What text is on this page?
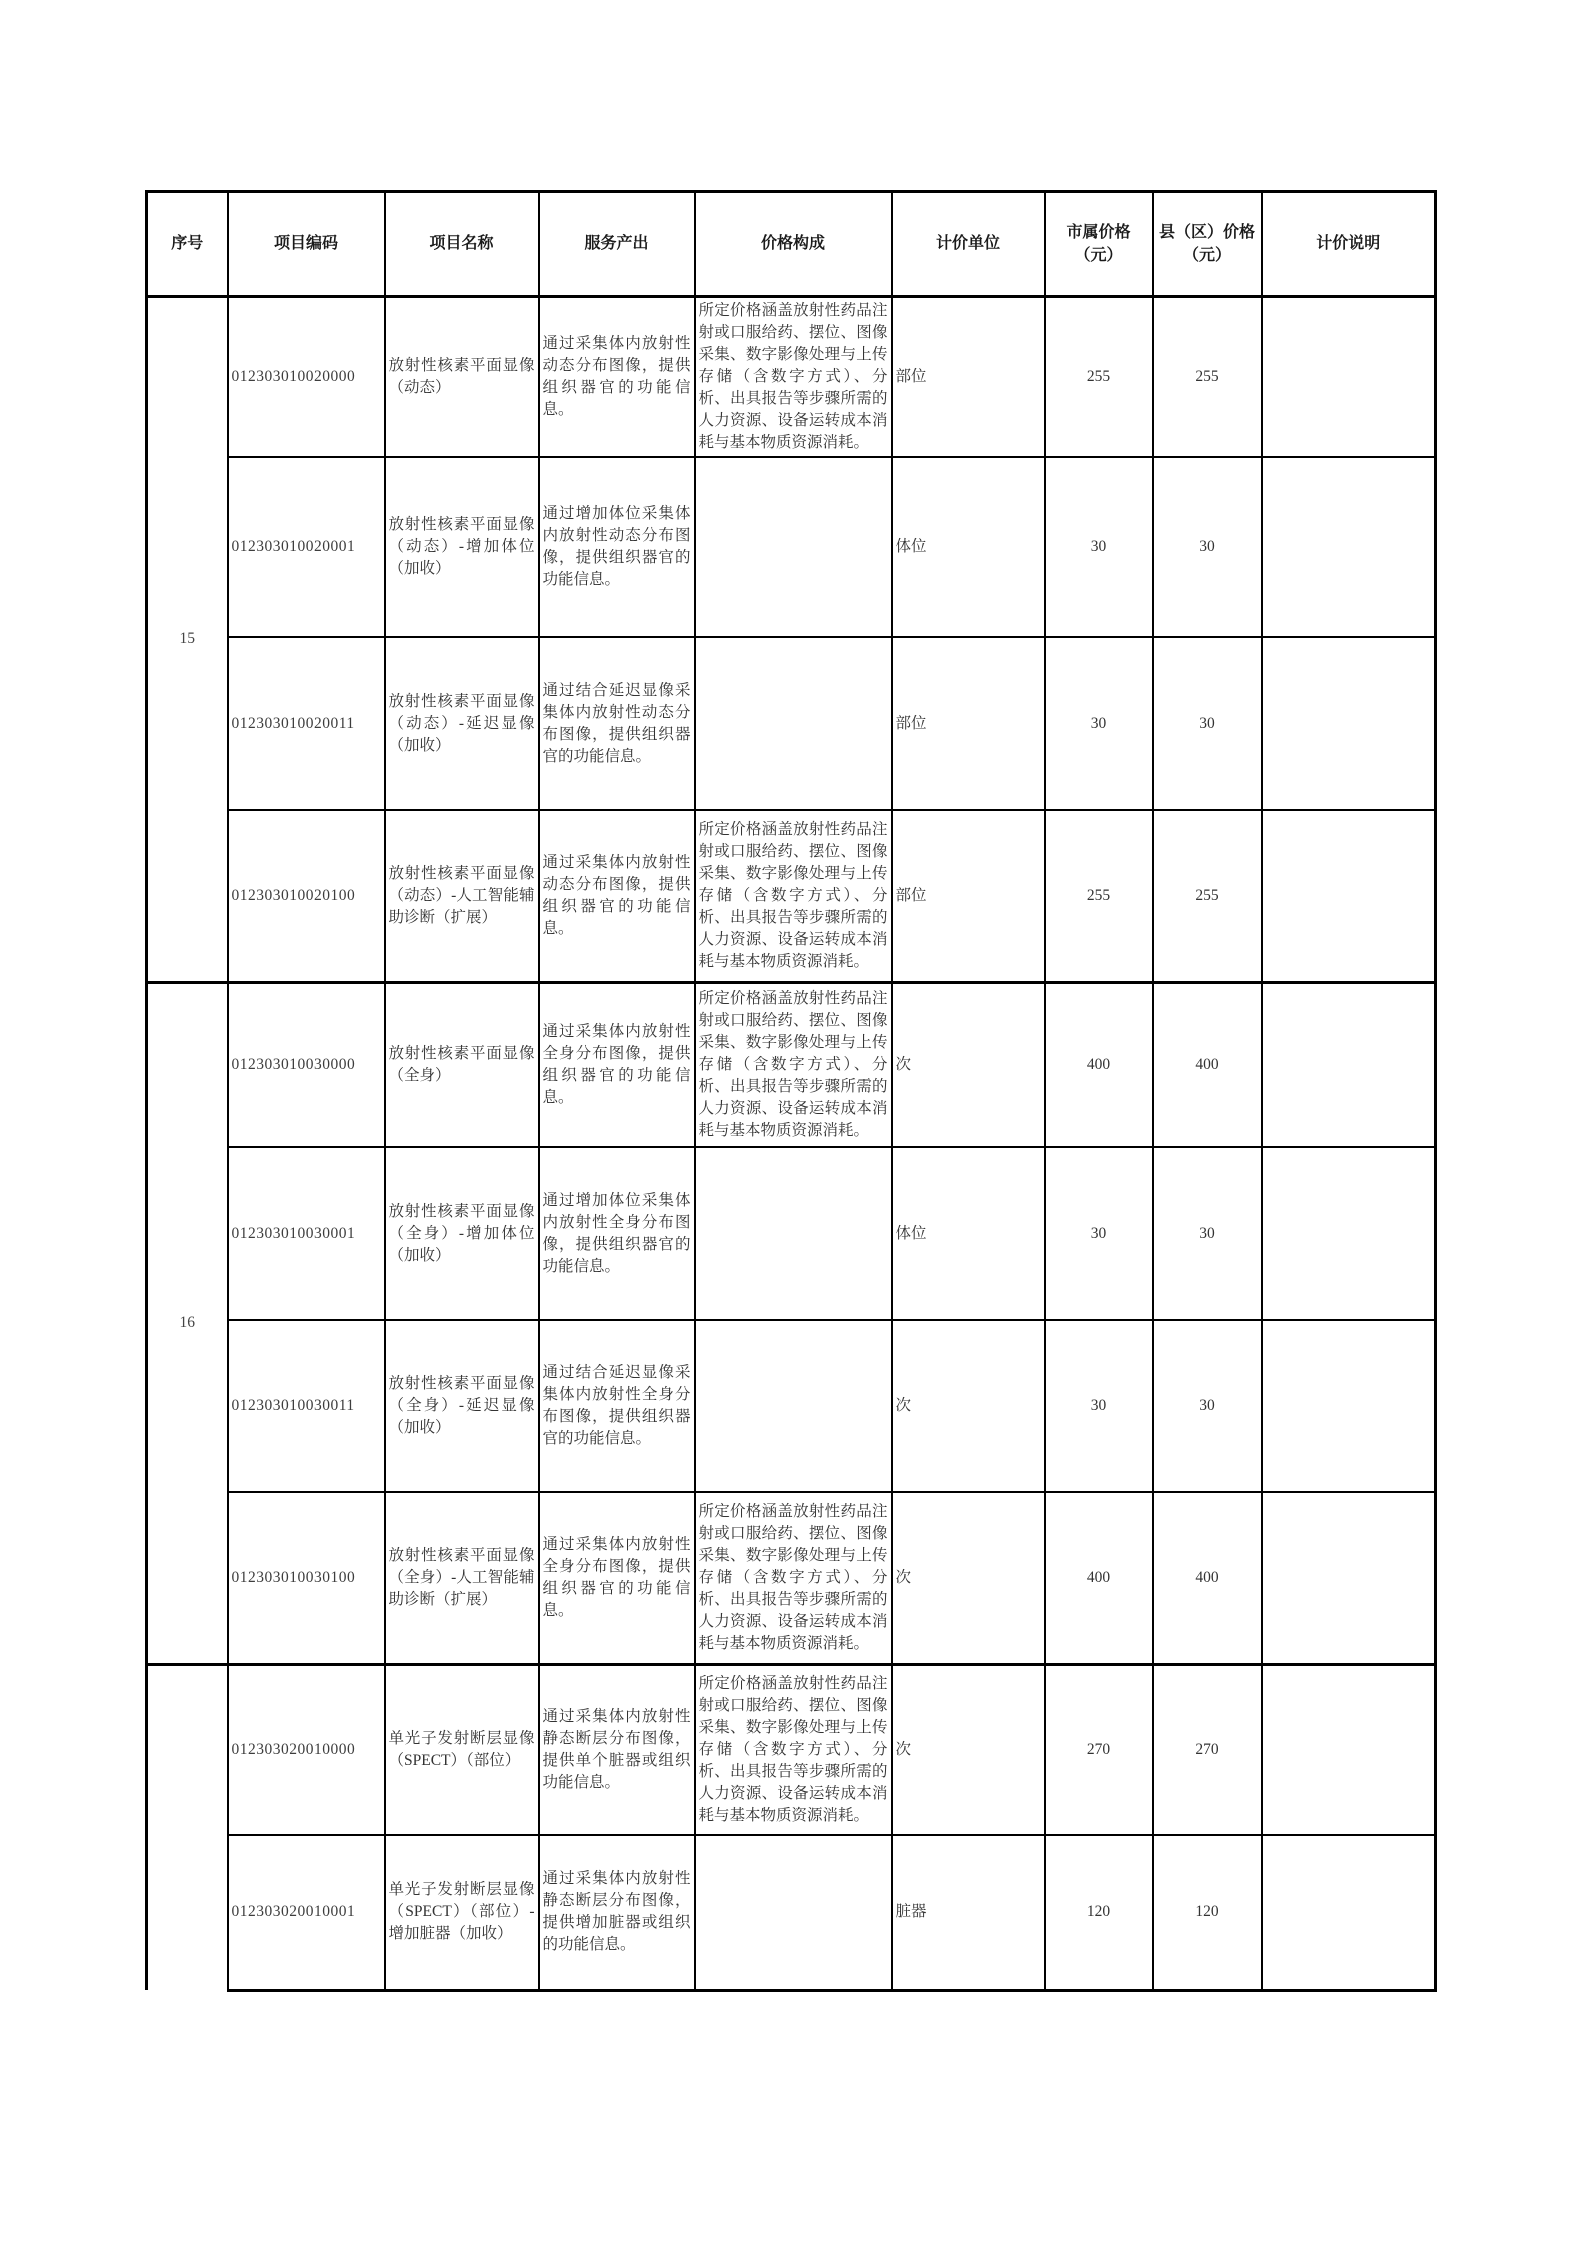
序号	项目编码	项目名称	服务产出	价格构成	计价单位	市属价格（元）	县（区）价格（元）	计价说明
15	012303010020000	放射性核素平面显像（动态）	通过采集体内放射性动态分布图像，提供组织器官的功能信息。	所定价格涵盖放射性药品注射或口服给药、摆位、图像采集、数字影像处理与上传存储（含数字方式）、分析、出具报告等步骤所需的人力资源、设备运转成本消耗与基本物质资源消耗。	部位	255	255	
	012303010020001	放射性核素平面显像（动态）-增加体位（加收）	通过增加体位采集体内放射性动态分布图像，提供组织器官的功能信息。		体位	30	30	
	012303010020011	放射性核素平面显像（动态）-延迟显像（加收）	通过结合延迟显像采集体内放射性动态分布图像，提供组织器官的功能信息。		部位	30	30	
	012303010020100	放射性核素平面显像（动态）-人工智能辅助诊断（扩展）	通过采集体内放射性动态分布图像，提供组织器官的功能信息。	所定价格涵盖放射性药品注射或口服给药、摆位、图像采集、数字影像处理与上传存储（含数字方式）、分析、出具报告等步骤所需的人力资源、设备运转成本消耗与基本物质资源消耗。	部位	255	255	
16	012303010030000	放射性核素平面显像（全身）	通过采集体内放射性全身分布图像，提供组织器官的功能信息。	所定价格涵盖放射性药品注射或口服给药、摆位、图像采集、数字影像处理与上传存储（含数字方式）、分析、出具报告等步骤所需的人力资源、设备运转成本消耗与基本物质资源消耗。	次	400	400	
	012303010030001	放射性核素平面显像（全身）-增加体位（加收）	通过增加体位采集体内放射性全身分布图像，提供组织器官的功能信息。		体位	30	30	
	012303010030011	放射性核素平面显像（全身）-延迟显像（加收）	通过结合延迟显像采集体内放射性全身分布图像，提供组织器官的功能信息。		次	30	30	
	012303010030100	放射性核素平面显像（全身）-人工智能辅助诊断（扩展）	通过采集体内放射性全身分布图像，提供组织器官的功能信息。	所定价格涵盖放射性药品注射或口服给药、摆位、图像采集、数字影像处理与上传存储（含数字方式）、分析、出具报告等步骤所需的人力资源、设备运转成本消耗与基本物质资源消耗。	次	400	400	
	012303020010000	单光子发射断层显像（SPECT）（部位）	通过采集体内放射性静态断层分布图像，提供单个脏器或组织功能信息。	所定价格涵盖放射性药品注射或口服给药、摆位、图像采集、数字影像处理与上传存储（含数字方式）、分析、出具报告等步骤所需的人力资源、设备运转成本消耗与基本物质资源消耗。	次	270	270	
	012303020010001	单光子发射断层显像（SPECT）（部位）-增加脏器（加收）	通过采集体内放射性静态断层分布图像，提供增加脏器或组织的功能信息。		脏器	120	120	
